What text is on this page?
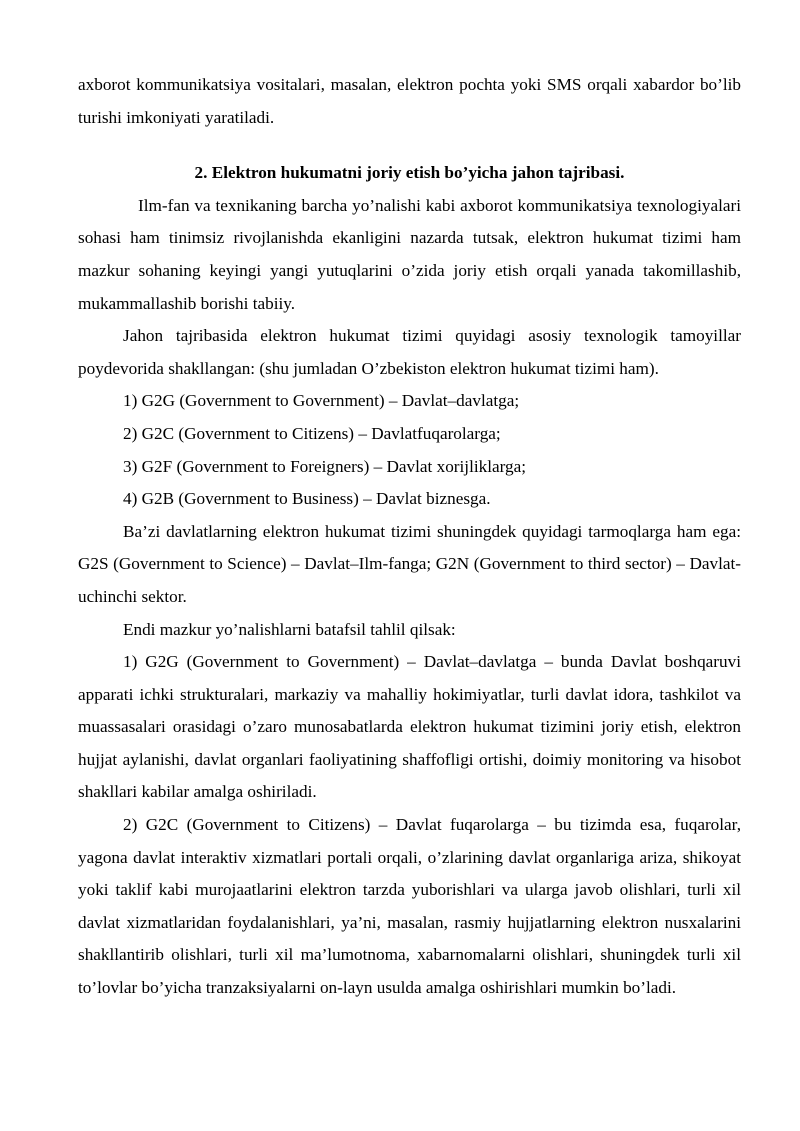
axborot kommunikatsiya vositalari, masalan, elektron pochta yoki SMS orqali xabardor bo’lib turishi imkoniyati yaratiladi.

2. Elektron hukumatni joriy etish bo’yicha jahon tajribasi.

Ilm-fan va texnikaning barcha yo’nalishi kabi axborot kommunikatsiya texnologiyalari sohasi ham tinimsiz rivojlanishda ekanligini nazarda tutsak, elektron hukumat tizimi ham mazkur sohaning keyingi yangi yutuqlarini o’zida joriy etish orqali yanada takomillashib, mukammallashib borishi tabiiy.

Jahon tajribasida elektron hukumat tizimi quyidagi asosiy texnologik tamoyillar poydevorida shakllangan: (shu jumladan O’zbekiston elektron hukumat tizimi ham).

1) G2G (Government to Government) – Davlat–davlatga;

2) G2C (Government to Citizens) – Davlatfuqarolarga;

3) G2F (Government to Foreigners) – Davlat xorijliklarga;

4) G2B (Government to Business) – Davlat biznesga.

Ba’zi davlatlarning elektron hukumat tizimi shuningdek quyidagi tarmoqlarga ham ega: G2S (Government to Science) – Davlat–Ilm-fanga; G2N (Government to third sector) – Davlat-uchinchi sektor.

Endi mazkur yo’nalishlarni batafsil tahlil qilsak:

1) G2G (Government to Government) – Davlat–davlatga – bunda Davlat boshqaruvi apparati ichki strukturalari, markaziy va mahalliy hokimiyatlar, turli davlat idora, tashkilot va muassasalari orasidagi o’zaro munosabatlarda elektron hukumat tizimini joriy etish, elektron hujjat aylanishi, davlat organlari faoliyatining shaffofligi ortishi, doimiy monitoring va hisobot shakllari kabilar amalga oshiriladi.

2) G2C (Government to Citizens) – Davlat fuqarolarga – bu tizimda esa, fuqarolar, yagona davlat interaktiv xizmatlari portali orqali, o’zlarining davlat organlariga ariza, shikoyat yoki taklif kabi murojaatlarini elektron tarzda yuborishlari va ularga javob olishlari, turli xil davlat xizmatlaridan foydalanishlari, ya’ni, masalan, rasmiy hujjatlarning elektron nusxalarini shakllantirib olishlari, turli xil ma’lumotnoma, xabarnomalarni olishlari, shuningdek turli xil to’lovlar bo’yicha tranzaksiyalarni on-layn usulda amalga oshirishlari mumkin bo’ladi.
